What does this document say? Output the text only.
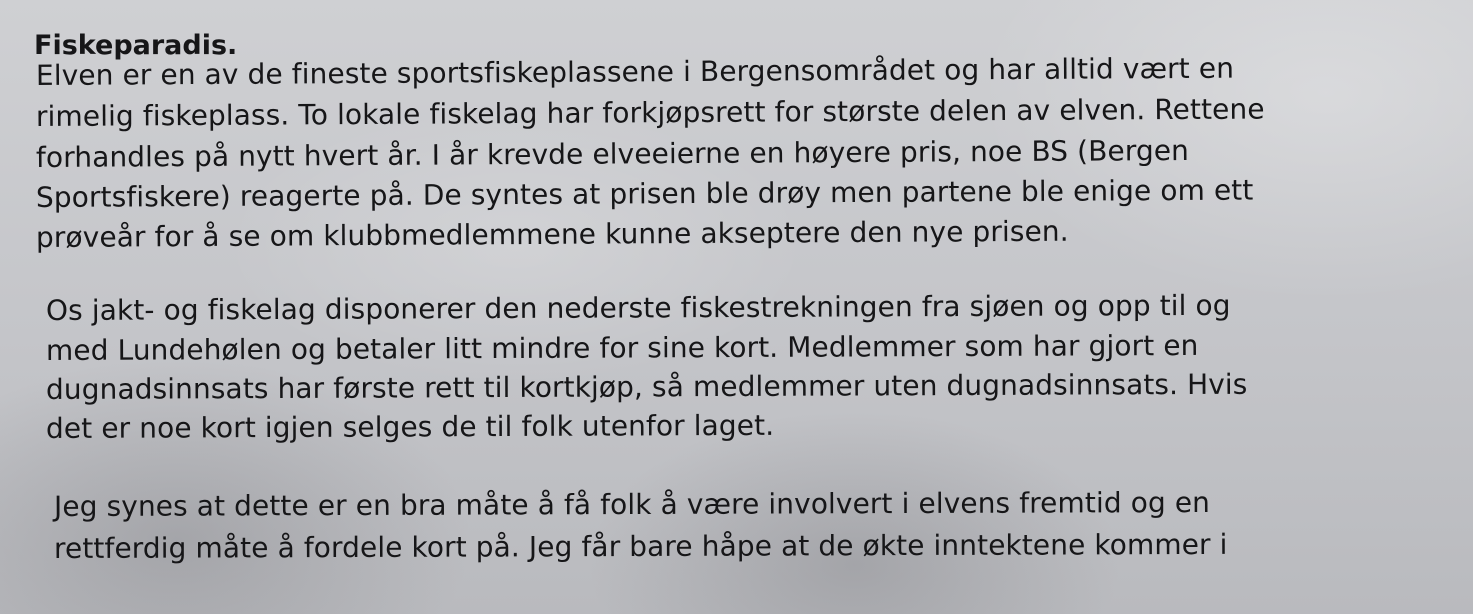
Fiskeparadis.
Elven er en av de fineste sportsfiskeplassene i Bergensområdet og har alltid vært en
rimelig fiskeplass. To lokale fiskelag har forkjøpsrett for største delen av elven. Rettene
forhandles på nytt hvert år. I år krevde elveeierne en høyere pris, noe BS (Bergen
Sportsfiskere) reagerte på. De syntes at prisen ble drøy men partene ble enige om ett
prøveår for å se om klubbmedlemmene kunne akseptere den nye prisen.
Os jakt- og fiskelag disponerer den nederste fiskestrekningen fra sjøen og opp til og
med Lundehølen og betaler litt mindre for sine kort. Medlemmer som har gjort en
dugnadsinnsats har første rett til kortkjøp, så medlemmer uten dugnadsinnsats. Hvis
det er noe kort igjen selges de til folk utenfor laget.
Jeg synes at dette er en bra måte å få folk å være involvert i elvens fremtid og en
rettferdig måte å fordele kort på. Jeg får bare håpe at de økte inntektene kommer i
